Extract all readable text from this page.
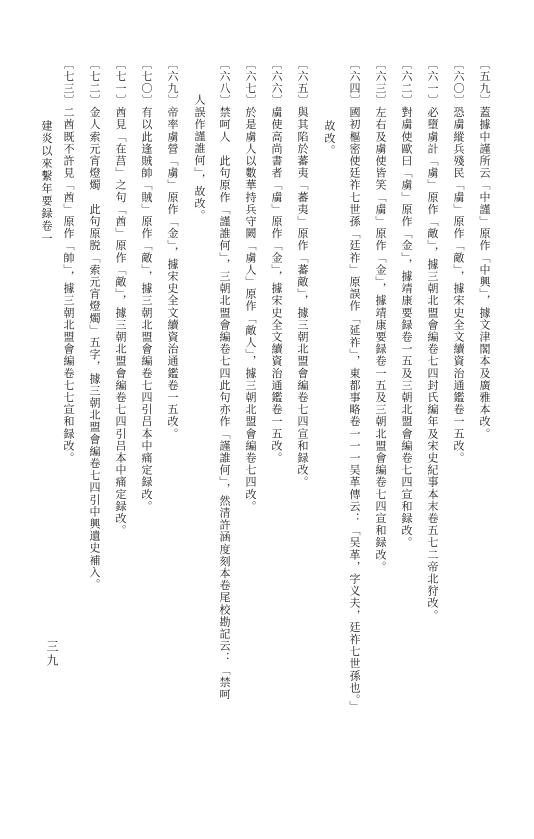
〔五九〕蓋據中謹所云「中謹」原作「中興」，據文津閣本及廣雅本改。
〔六〇〕恐虜縱兵殘民「虜」原作「敵」，據宋史全文續資治通鑑卷一五改。
〔六一〕必墮虜計「虜」原作「敵」，據三朝北盟會編卷七四封氏編年及宋史紀事本末卷五七二帝北狩改。
〔六二〕對虜使歐曰「虜」原作「金」，據靖康要録卷一五及三朝北盟會編卷七四宣和録改。
〔六三〕左右及虜使皆笑「虜」原作「金」，據靖康要録卷一五及三朝北盟會編卷七四宣和録改。
〔六四〕國初樞密使廷祚七世孫「廷祚」原誤作「延祚」，東都事略卷一一一吴革傳云：「吴革，字义夫，廷祚七世孫也。」
故改。
〔六五〕與其陷於蕃夷「蕃夷」原作「蕃敵」，據三朝北盟會編卷七四宣和録改。
〔六六〕虜使高尚書者「虜」原作「金」，據宋史全文續資治通鑑卷一五改。
〔六七〕於是虜人以數華持兵守闕「虜人」原作「敵人」，據三朝北盟會編卷七四改。
〔六八〕禁呵人　此句原作「謹誰何」，三朝北盟會編卷七四此句亦作「謹誰何」，然清許涵度刻本卷尾校勘記云：「禁呵
人誤作謹誰何」，故改。
〔六九〕帝率虜營「虜」原作「金」，據宋史全文續資治通鑑卷一五改。
〔七〇〕有以此逢賊帥「賊」原作「敵」，據三朝北盟會編卷七四引吕本中痛定録改。
〔七一〕酋見「在莒」之句「酋」原作「敵」，據三朝北盟會編卷七四引吕本中痛定録改。
〔七二〕金人索元宵燈燭　此句原脱「索元宵燈燭」五字，據三朝北盟會編卷七四引中興遺史補入。
〔七三〕二酋既不許見「酋」原作「帥」，據三朝北盟會編卷七七宣和録改。
建炎以來繫年要録卷一
三九
